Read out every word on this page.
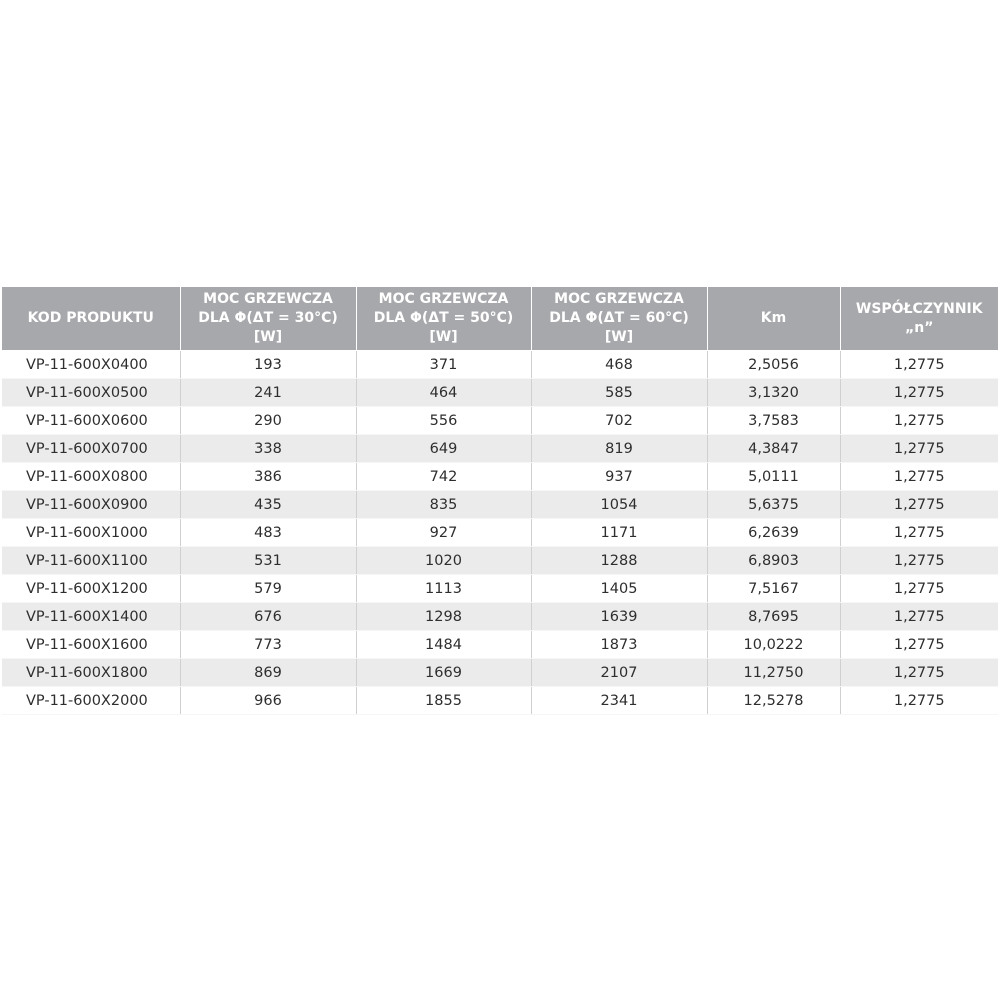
KOD PRODUKTU	MOC GRZEWCZA
DLA Φ(ΔT = 30°C)
[W]	MOC GRZEWCZA
DLA Φ(ΔT = 50°C)
[W]	MOC GRZEWCZA
DLA Φ(ΔT = 60°C)
[W]	Km	WSPÓŁCZYNNIK
„n”

VP-11-600X0400	193	371	468	2,5056	1,2775
VP-11-600X0500	241	464	585	3,1320	1,2775
VP-11-600X0600	290	556	702	3,7583	1,2775
VP-11-600X0700	338	649	819	4,3847	1,2775
VP-11-600X0800	386	742	937	5,0111	1,2775
VP-11-600X0900	435	835	1054	5,6375	1,2775
VP-11-600X1000	483	927	1171	6,2639	1,2775
VP-11-600X1100	531	1020	1288	6,8903	1,2775
VP-11-600X1200	579	1113	1405	7,5167	1,2775
VP-11-600X1400	676	1298	1639	8,7695	1,2775
VP-11-600X1600	773	1484	1873	10,0222	1,2775
VP-11-600X1800	869	1669	2107	11,2750	1,2775
VP-11-600X2000	966	1855	2341	12,5278	1,2775
